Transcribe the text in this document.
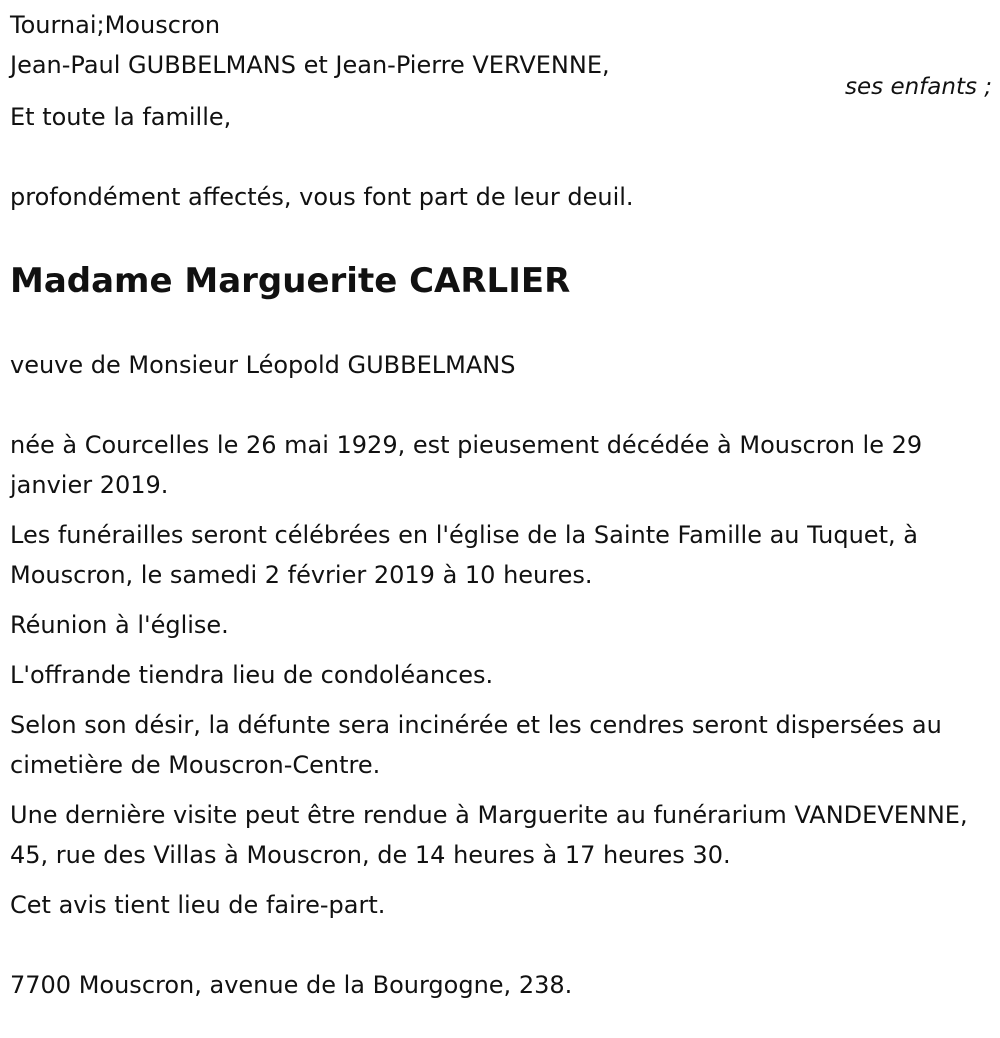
Tournai;Mouscron
Jean-Paul GUBBELMANS et Jean-Pierre VERVENNE,
ses enfants ;
Et toute la famille,
profondément affectés, vous font part de leur deuil.
Madame Marguerite CARLIER
veuve de Monsieur Léopold GUBBELMANS
née à Courcelles le 26 mai 1929, est pieusement décédée à Mouscron le 29 janvier 2019.
Les funérailles seront célébrées en l'église de la Sainte Famille au Tuquet, à Mouscron, le samedi 2 février 2019 à 10 heures.
Réunion à l'église.
L'offrande tiendra lieu de condoléances.
Selon son désir, la défunte sera incinérée et les cendres seront dispersées au cimetière de Mouscron-Centre.
Une dernière visite peut être rendue à Marguerite au funérarium VANDEVENNE, 45, rue des Villas à Mouscron, de 14 heures à 17 heures 30.
Cet avis tient lieu de faire-part.
7700 Mouscron, avenue de la Bourgogne, 238.
